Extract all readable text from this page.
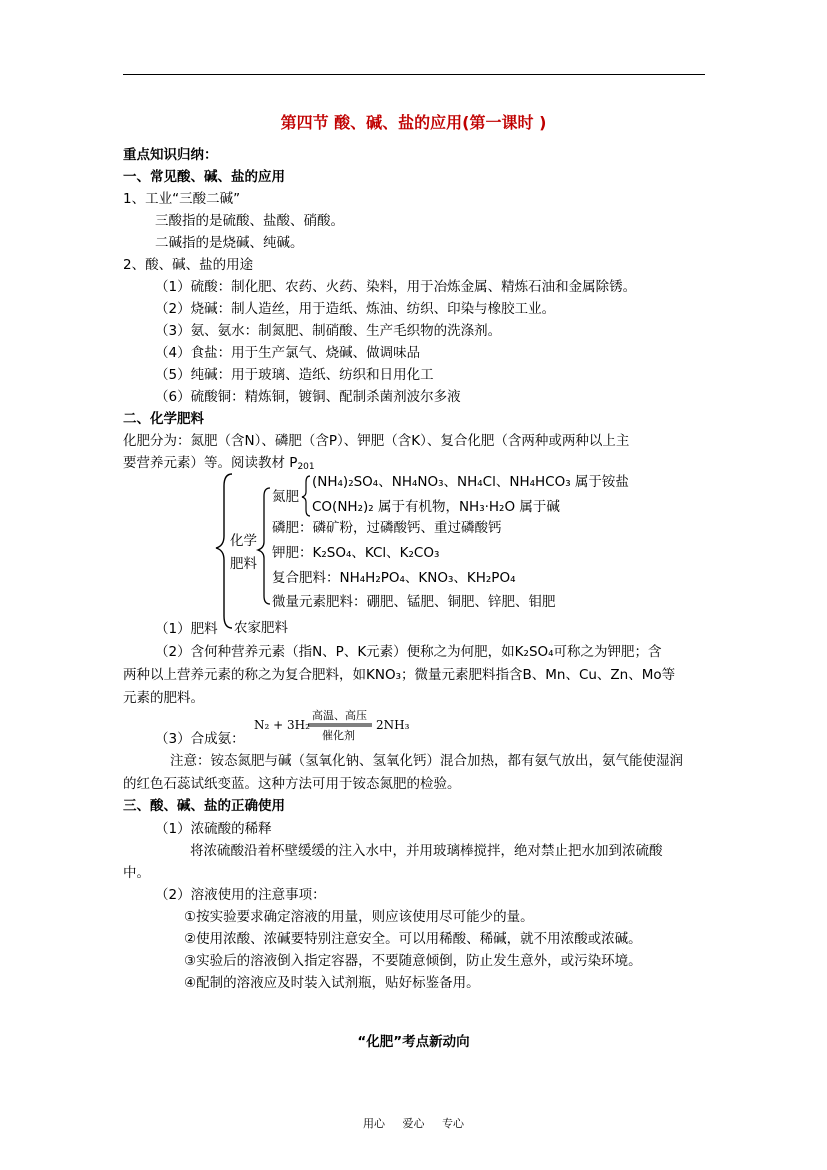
第四节 酸、碱、盐的应用(第一课时 )
重点知识归纳：
一、常见酸、碱、盐的应用
1、工业“三酸二碱”
三酸指的是硫酸、盐酸、硝酸。
二碱指的是烧碱、纯碱。
2、酸、碱、盐的用途
（1）硫酸：制化肥、农药、火药、染料，用于冶炼金属、精炼石油和金属除锈。
（2）烧碱：制人造丝，用于造纸、炼油、纺织、印染与橡胶工业。
（3）氨、氨水：制氮肥、制硝酸、生产毛织物的洗涤剂。
（4）食盐：用于生产氯气、烧碱、做调味品
（5）纯碱：用于玻璃、造纸、纺织和日用化工
（6）硫酸铜：精炼铜，镀铜、配制杀菌剂波尔多液
二、化学肥料
化肥分为：氮肥（含N）、磷肥（含P）、钾肥（含K）、复合化肥（含两种或两种以上主
要营养元素）等。阅读教材 $P_{201}$
化学
肥料
氮肥
(NH₄)₂SO₄、NH₄NO₃、NH₄Cl、NH₄HCO₃ 属于铵盐
CO(NH₂)₂ 属于有机物，NH₃·H₂O 属于碱
磷肥：磷矿粉，过磷酸钙、重过磷酸钙
钾肥：K₂SO₄、KCl、K₂CO₃
复合肥料：NH₄H₂PO₄、KNO₃、KH₂PO₄
微量元素肥料：硼肥、锰肥、铜肥、锌肥、钼肥
农家肥料
（1）肥料
（2）含何种营养元素（指N、P、K元素）便称之为何肥，如K₂SO₄可称之为钾肥；含
两种以上营养元素的称之为复合肥料，如KNO₃；微量元素肥料指含B、Mn、Cu、Zn、Mo等
元素的肥料。
（3）合成氨：
N₂ + 3H₂
高温、高压
催化剂
2NH₃
注意：铵态氮肥与碱（氢氧化钠、氢氧化钙）混合加热，都有氨气放出，氨气能使湿润
的红色石蕊试纸变蓝。这种方法可用于铵态氮肥的检验。
三、酸、碱、盐的正确使用
（1）浓硫酸的稀释
将浓硫酸沿着杯壁缓缓的注入水中，并用玻璃棒搅拌，绝对禁止把水加到浓硫酸
中。
（2）溶液使用的注意事项：
①按实验要求确定溶液的用量，则应该使用尽可能少的量。
②使用浓酸、浓碱要特别注意安全。可以用稀酸、稀碱，就不用浓酸或浓碱。
③实验后的溶液倒入指定容器，不要随意倾倒，防止发生意外，或污染环境。
④配制的溶液应及时装入试剂瓶，贴好标鉴备用。
“化肥”考点新动向
用心 爱心 专心
